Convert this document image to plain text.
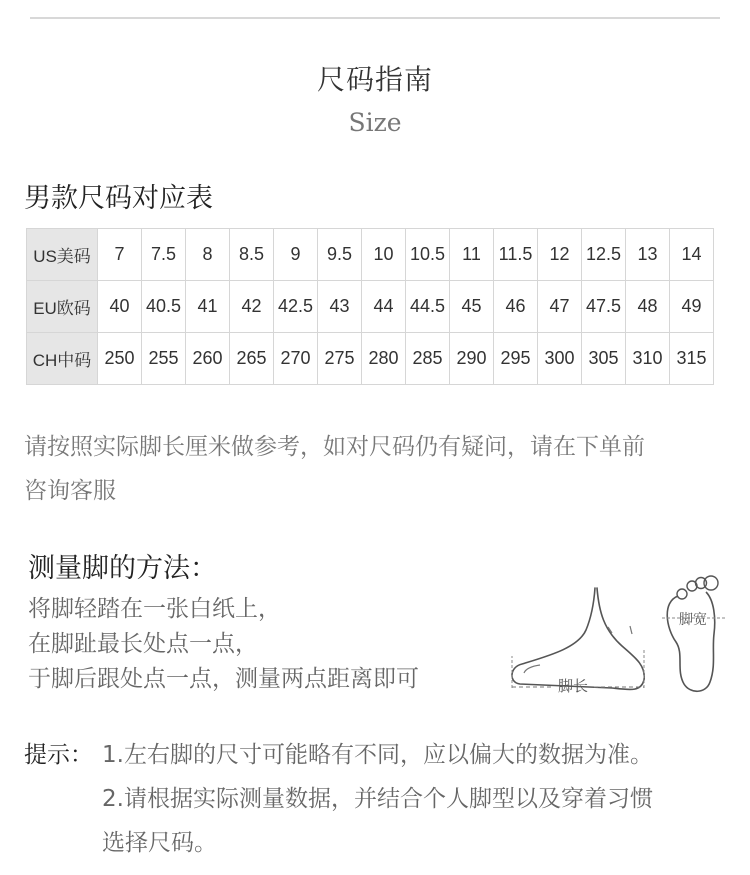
尺码指南
Size
男款尺码对应表
US美码	7	7.5	8	8.5	9	9.5	10	10.5	11	11.5	12	12.5	13	14
EU欧码	40	40.5	41	42	42.5	43	44	44.5	45	46	47	47.5	48	49
CH中码	250	255	260	265	270	275	280	285	290	295	300	305	310	315
请按照实际脚长厘米做参考，如对尺码仍有疑问，请在下单前
咨询客服
测量脚的方法：
将脚轻踏在一张白纸上，
在脚趾最长处点一点，
于脚后跟处点一点，测量两点距离即可	脚长
脚宽
提示： 1.左右脚的尺寸可能略有不同，应以偏大的数据为准。
2.请根据实际测量数据，并结合个人脚型以及穿着习惯
选择尺码。
